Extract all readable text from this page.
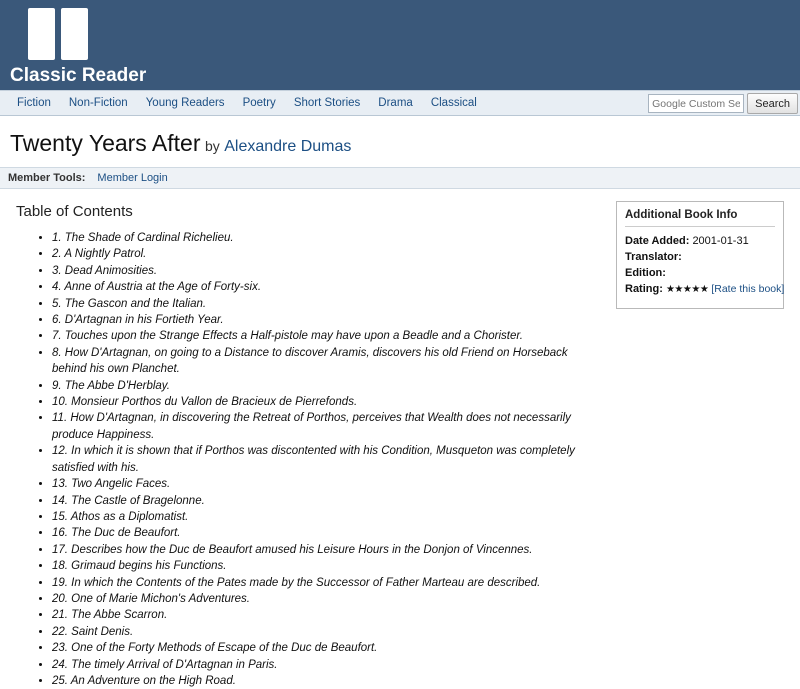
Classic Reader
Fiction	Non-Fiction	Young Readers	Poetry	Short Stories	Drama	Classical
Google Custom Search	Search
Twenty Years After by Alexandre Dumas
Member Tools: Member Login
Table of Contents
• 1. The Shade of Cardinal Richelieu.
• 2. A Nightly Patrol.
• 3. Dead Animosities.
• 4. Anne of Austria at the Age of Forty-six.
• 5. The Gascon and the Italian.
• 6. D'Artagnan in his Fortieth Year.
• 7. Touches upon the Strange Effects a Half-pistole may have upon a Beadle and a Chorister.
• 8. How D'Artagnan, on going to a Distance to discover Aramis, discovers his old Friend on Horseback behind his own Planchet.
• 9. The Abbe D'Herblay.
• 10. Monsieur Porthos du Vallon de Bracieux de Pierrefonds.
• 11. How D'Artagnan, in discovering the Retreat of Porthos, perceives that Wealth does not necessarily produce Happiness.
• 12. In which it is shown that if Porthos was discontented with his Condition, Musqueton was completely satisfied with his.
• 13. Two Angelic Faces.
• 14. The Castle of Bragelonne.
• 15. Athos as a Diplomatist.
• 16. The Duc de Beaufort.
• 17. Describes how the Duc de Beaufort amused his Leisure Hours in the Donjon of Vincennes.
• 18. Grimaud begins his Functions.
• 19. In which the Contents of the Pates made by the Successor of Father Marteau are described.
• 20. One of Marie Michon's Adventures.
• 21. The Abbe Scarron.
• 22. Saint Denis.
• 23. One of the Forty Methods of Escape of the Duc de Beaufort.
• 24. The timely Arrival of D'Artagnan in Paris.
• 25. An Adventure on the High Road.
Additional Book Info
Date Added: 2001-01-31
Translator:
Edition:
Rating: ★★★★★ [Rate this book]
